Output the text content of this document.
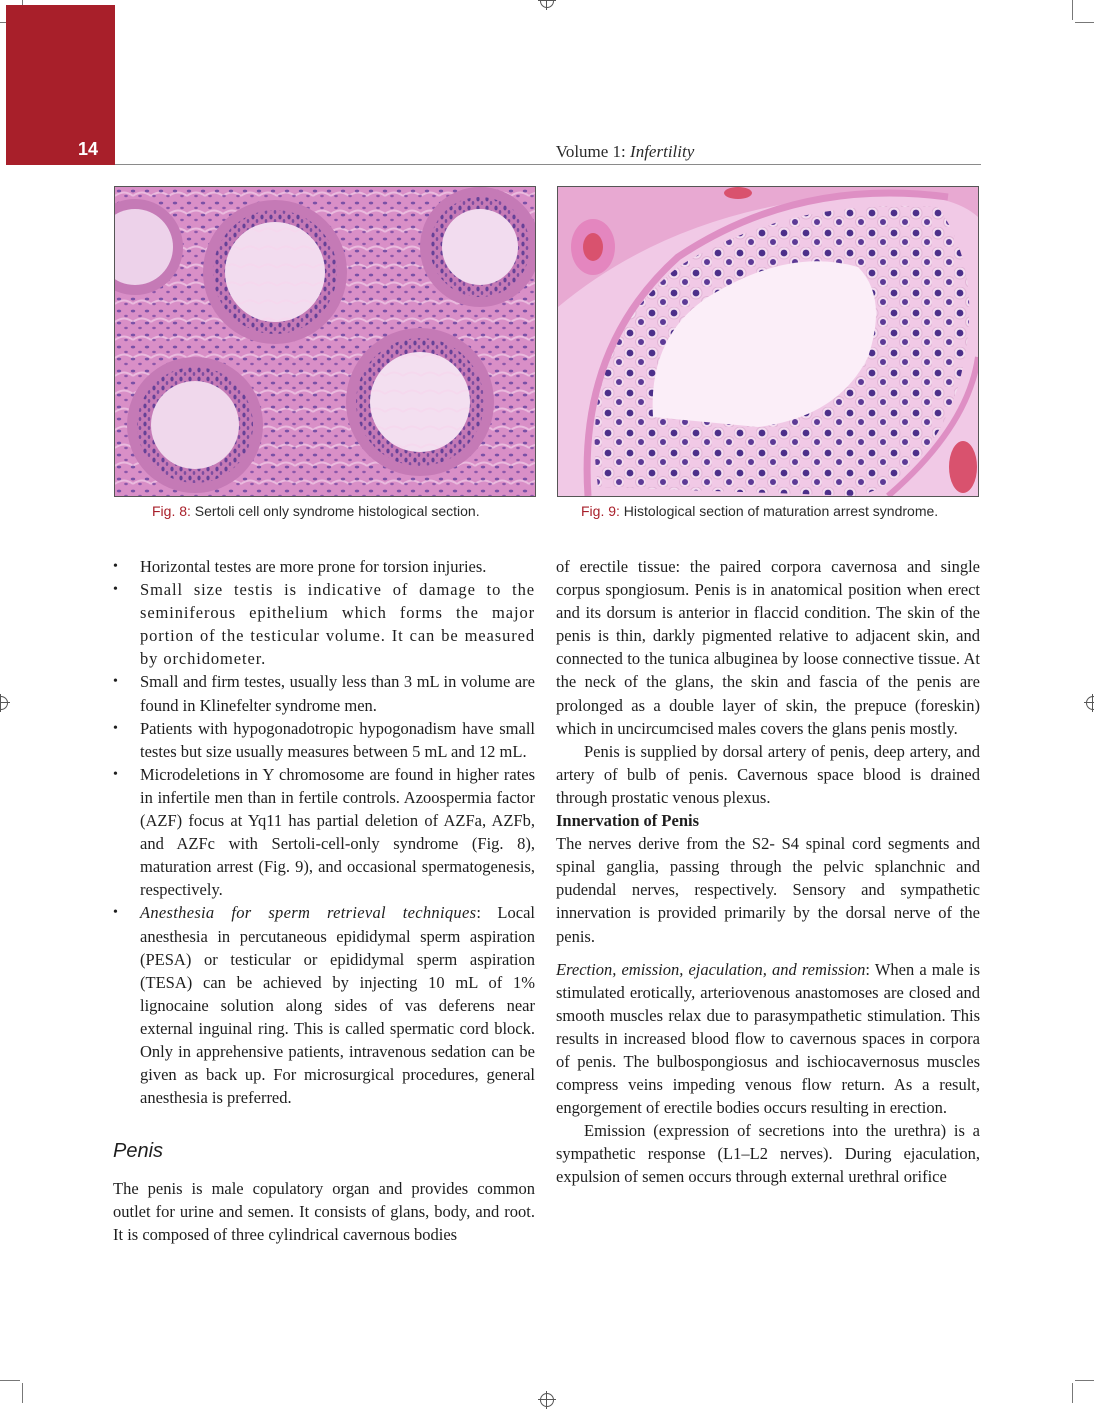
14	Volume 1: Infertility
Fig. 8: Sertoli cell only syndrome histological section.	Fig. 9: Histological section of maturation arrest syndrome.
• Horizontal testes are more prone for torsion injuries.
• Small size testis is indicative of damage to the seminiferous epithelium which forms the major portion of the testicular volume. It can be measured by orchidometer.
• Small and firm testes, usually less than 3 mL in volume are found in Klinefelter syndrome men.
• Patients with hypogonadotropic hypogonadism have small testes but size usually measures between 5 mL and 12 mL.
• Microdeletions in Y chromosome are found in higher rates in infertile men than in fertile controls. Azoospermia factor (AZF) focus at Yq11 has partial deletion of AZFa, AZFb, and AZFc with Sertoli-cell-only syndrome (Fig. 8), maturation arrest (Fig. 9), and occasional spermatogenesis, respectively.
• Anesthesia for sperm retrieval techniques: Local anesthesia in percutaneous epididymal sperm aspiration (PESA) or testicular or epididymal sperm aspiration (TESA) can be achieved by injecting 10 mL of 1% lignocaine solution along sides of vas deferens near external inguinal ring. This is called spermatic cord block. Only in apprehensive patients, intravenous sedation can be given as back up. For microsurgical procedures, general anesthesia is preferred.
Penis

The penis is male copulatory organ and provides common outlet for urine and semen. It consists of glans, body, and root. It is composed of three cylindrical cavernous bodies

of erectile tissue: the paired corpora cavernosa and single corpus spongiosum. Penis is in anatomical position when erect and its dorsum is anterior in flaccid condition. The skin of the penis is thin, darkly pigmented relative to adjacent skin, and connected to the tunica albuginea by loose connective tissue. At the neck of the glans, the skin and fascia of the penis are prolonged as a double layer of skin, the prepuce (foreskin) which in uncircumcised males covers the glans penis mostly.

Penis is supplied by dorsal artery of penis, deep artery, and artery of bulb of penis. Cavernous space blood is drained through prostatic venous plexus.

Innervation of Penis

The nerves derive from the S2- S4 spinal cord segments and spinal ganglia, passing through the pelvic splanchnic and pudendal nerves, respectively. Sensory and sympathetic innervation is provided primarily by the dorsal nerve of the penis.

Erection, emission, ejaculation, and remission: When a male is stimulated erotically, arteriovenous anastomoses are closed and smooth muscles relax due to parasympathetic stimulation. This results in increased blood flow to cavernous spaces in corpora of penis. The bulbospongiosus and ischiocavernosus muscles compress veins impeding venous flow return. As a result, engorgement of erectile bodies occurs resulting in erection.

Emission (expression of secretions into the urethra) is a sympathetic response (L1–L2 nerves). During ejaculation, expulsion of semen occurs through external urethral orifice
